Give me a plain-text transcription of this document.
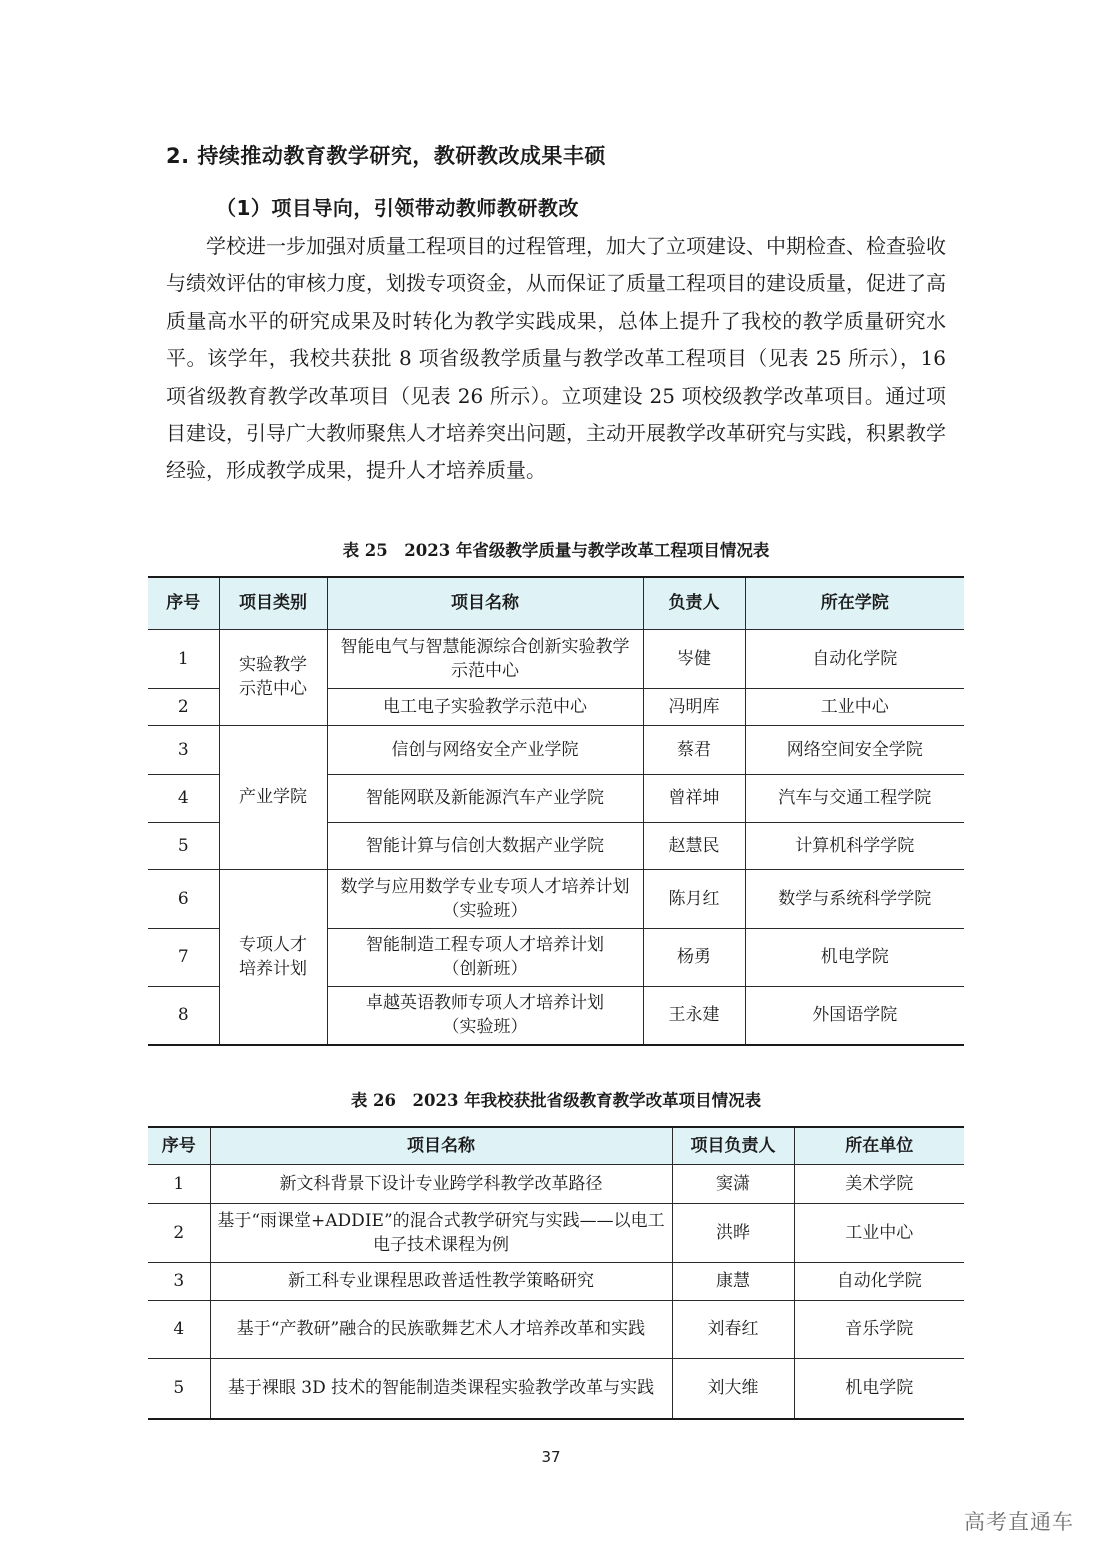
2. 持续推动教育教学研究，教研教改成果丰硕
（1）项目导向，引领带动教师教研教改

学校进一步加强对质量工程项目的过程管理，加大了立项建设、中期检查、检查验收与绩效评估的审核力度，划拨专项资金，从而保证了质量工程项目的建设质量，促进了高质量高水平的研究成果及时转化为教学实践成果，总体上提升了我校的教学质量研究水平。该学年，我校共获批 8 项省级教学质量与教学改革工程项目（见表 25 所示），16 项省级教育教学改革项目（见表 26 所示）。立项建设 25 项校级教学改革项目。通过项目建设，引导广大教师聚焦人才培养突出问题，主动开展教学改革研究与实践，积累教学经验，形成教学成果，提升人才培养质量。

表 25　2023 年省级教学质量与教学改革工程项目情况表
序号	项目类别	项目名称	负责人	所在学院
1	实验教学示范中心	智能电气与智慧能源综合创新实验教学示范中心	岑健	自动化学院
2		电工电子实验教学示范中心	冯明库	工业中心
3	产业学院	信创与网络安全产业学院	蔡君	网络空间安全学院
4		智能网联及新能源汽车产业学院	曾祥坤	汽车与交通工程学院
5		智能计算与信创大数据产业学院	赵慧民	计算机科学学院
6	专项人才培养计划	数学与应用数学专业专项人才培养计划 （实验班）	陈月红	数学与系统科学学院
7		智能制造工程专项人才培养计划（创新班）	杨勇	机电学院
8		卓越英语教师专项人才培养计划（实验班）	王永建	外国语学院
表 26　2023 年我校获批省级教育教学改革项目情况表
序号	项目名称	项目负责人	所在单位
1	新文科背景下设计专业跨学科教学改革路径	窦潇	美术学院
2	基于“雨课堂+ADDIE”的混合式教学研究与实践——以电工电子技术课程为例	洪晔	工业中心
3	新工科专业课程思政普适性教学策略研究	康慧	自动化学院
4	基于“产教研”融合的民族歌舞艺术人才培养改革和实践	刘春红	音乐学院
5	基于裸眼 3D 技术的智能制造类课程实验教学改革与实践	刘大维	机电学院
37
高考直通车
